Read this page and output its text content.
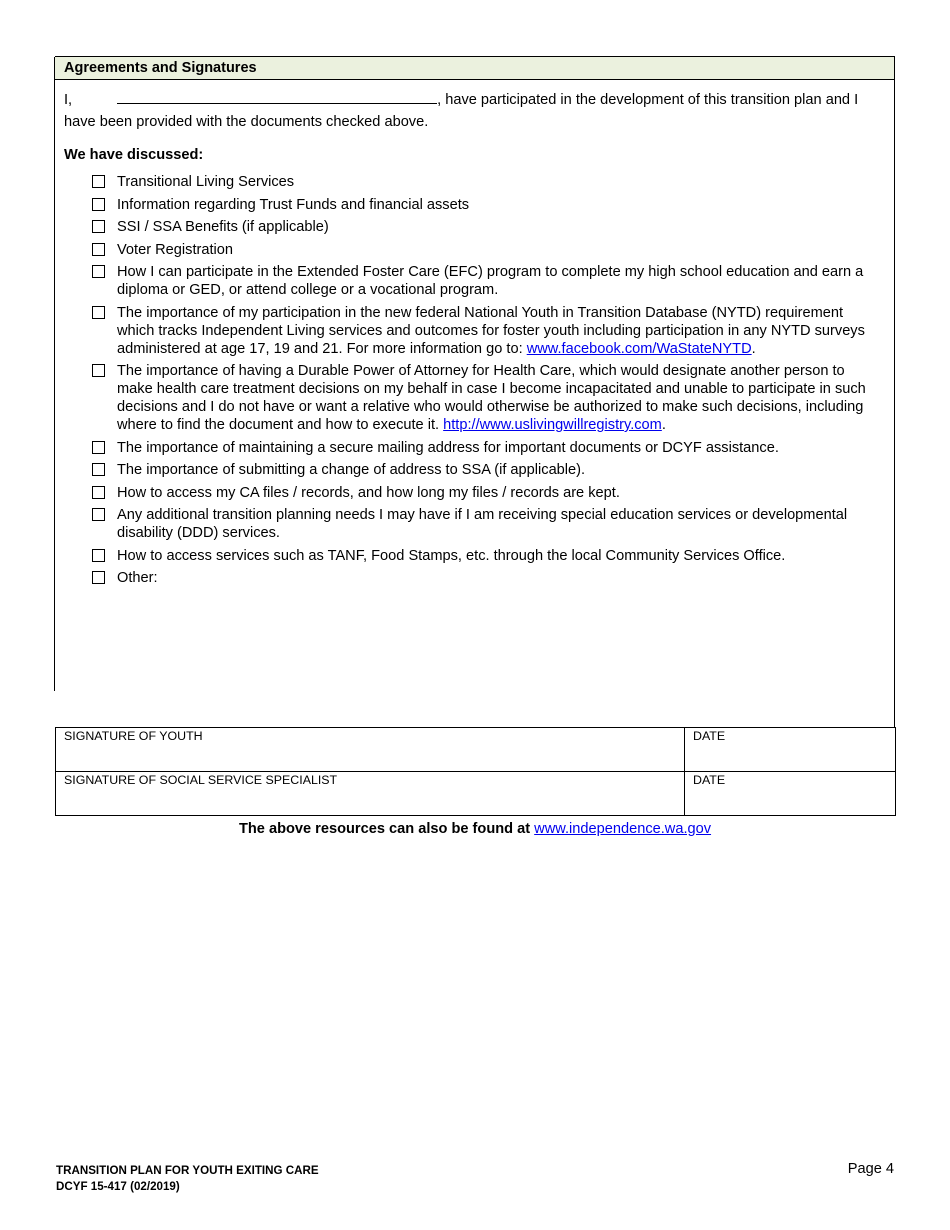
Agreements and Signatures
I,	, have participated in the development of this transition plan and I have been provided with the documents checked above.
We have discussed:
Transitional Living Services
Information regarding Trust Funds and financial assets
SSI / SSA Benefits (if applicable)
Voter Registration
How I can participate in the Extended Foster Care (EFC) program to complete my high school education and earn a diploma or GED, or attend college or a vocational program.
The importance of my participation in the new federal National Youth in Transition Database (NYTD) requirement which tracks Independent Living services and outcomes for foster youth including participation in any NYTD surveys administered at age 17, 19 and 21. For more information go to: www.facebook.com/WaStateNYTD.
The importance of having a Durable Power of Attorney for Health Care, which would designate another person to make health care treatment decisions on my behalf in case I become incapacitated and unable to participate in such decisions and I do not have or want a relative who would otherwise be authorized to make such decisions, including where to find the document and how to execute it. http://www.uslivingwillregistry.com.
The importance of maintaining a secure mailing address for important documents or DCYF assistance.
The importance of submitting a change of address to SSA (if applicable).
How to access my CA files / records, and how long my files / records are kept.
Any additional transition planning needs I may have if I am receiving special education services or developmental disability (DDD) services.
How to access services such as TANF, Food Stamps, etc. through the local Community Services Office.
Other:
SIGNATURE OF YOUTH	DATE
SIGNATURE OF SOCIAL SERVICE SPECIALIST	DATE
The above resources can also be found at www.independence.wa.gov
TRANSITION PLAN FOR YOUTH EXITING CARE
DCYF 15-417 (02/2019)
Page 4
